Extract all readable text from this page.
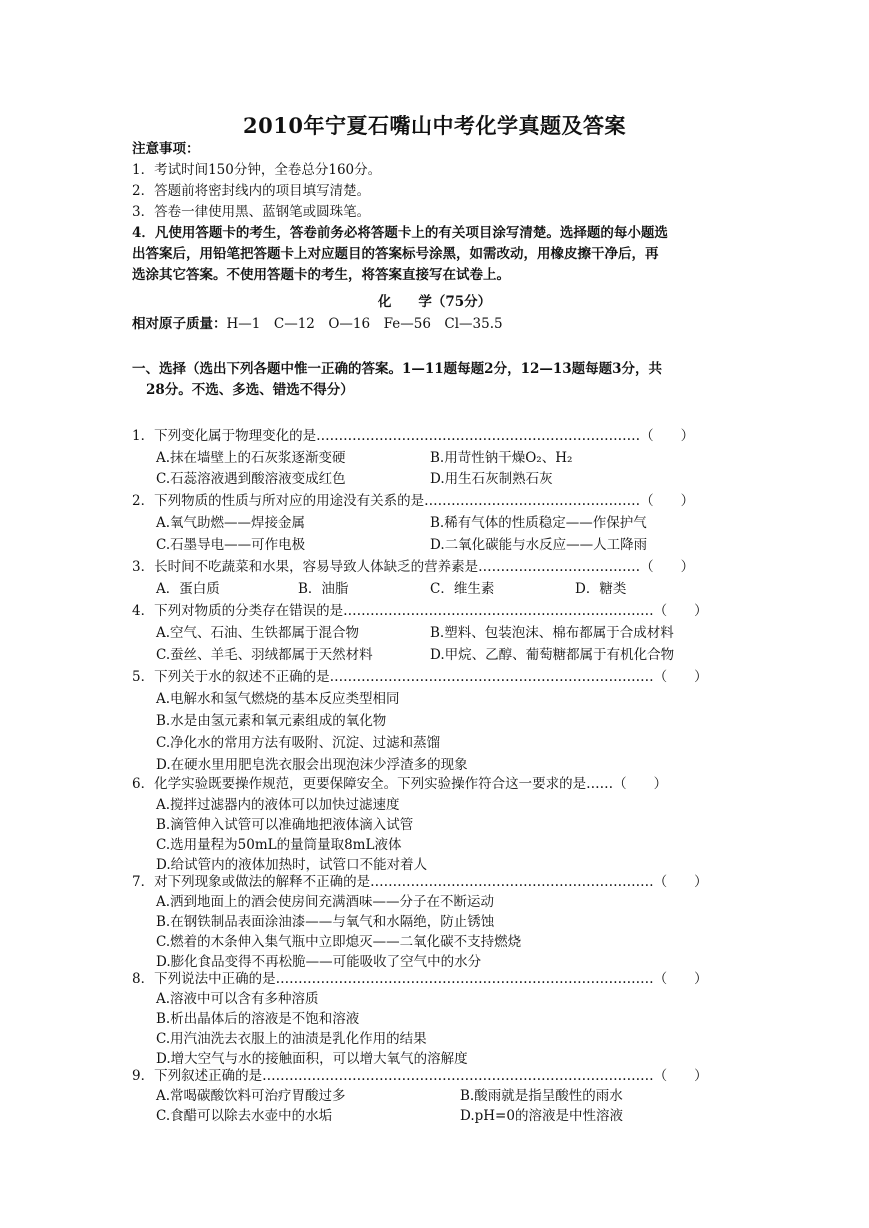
2010年宁夏石嘴山中考化学真题及答案
注意事项：
1．考试时间150分钟，全卷总分160分。
2．答题前将密封线内的项目填写清楚。
3．答卷一律使用黑、蓝钢笔或圆珠笔。
4．凡使用答题卡的考生，答卷前务必将答题卡上的有关项目涂写清楚。选择题的每小题选
出答案后，用铅笔把答题卡上对应题目的答案标号涂黑，如需改动，用橡皮擦干净后，再
选涂其它答案。不使用答题卡的考生，将答案直接写在试卷上。
化　　学（75分）
相对原子质量：H—1　C—12　O—16　Fe—56　Cl—35.5
一、选择（选出下列各题中惟一正确的答案。1—11题每题2分，12—13题每题3分，共
28分。不选、多选、错选不得分）
1．下列变化属于物理变化的是………………………………………………………………（　　）
A.抹在墙壁上的石灰浆逐渐变硬	B.用苛性钠干燥O₂、H₂
C.石蕊溶液遇到酸溶液变成红色	D.用生石灰制熟石灰
2．下列物质的性质与所对应的用途没有关系的是…………………………………………（　　）
A.氧气助燃——焊接金属	B.稀有气体的性质稳定——作保护气
C.石墨导电——可作电极	D.二氧化碳能与水反应——人工降雨
3．长时间不吃蔬菜和水果，容易导致人体缺乏的营养素是………………………………（　　）
A．蛋白质	B．油脂	C．维生素	D．糖类
4．下列对物质的分类存在错误的是……………………………………………………………（　　）
A.空气、石油、生铁都属于混合物	B.塑料、包装泡沫、棉布都属于合成材料
C.蚕丝、羊毛、羽绒都属于天然材料	D.甲烷、乙醇、葡萄糖都属于有机化合物
5．下列关于水的叙述不正确的是………………………………………………………………（　　）
A.电解水和氢气燃烧的基本反应类型相同
B.水是由氢元素和氧元素组成的氧化物
C.净化水的常用方法有吸附、沉淀、过滤和蒸馏
D.在硬水里用肥皂洗衣服会出现泡沫少浮渣多的现象
6．化学实验既要操作规范，更要保障安全。下列实验操作符合这一要求的是……（　　）
A.搅拌过滤器内的液体可以加快过滤速度
B.滴管伸入试管可以准确地把液体滴入试管
C.选用量程为50mL的量筒量取8mL液体
D.给试管内的液体加热时，试管口不能对着人
7．对下列现象或做法的解释不正确的是………………………………………………………（　　）
A.洒到地面上的酒会使房间充满酒味——分子在不断运动
B.在钢铁制品表面涂油漆——与氧气和水隔绝，防止锈蚀
C.燃着的木条伸入集气瓶中立即熄灭——二氧化碳不支持燃烧
D.膨化食品变得不再松脆——可能吸收了空气中的水分
8．下列说法中正确的是…………………………………………………………………………（　　）
A.溶液中可以含有多种溶质
B.析出晶体后的溶液是不饱和溶液
C.用汽油洗去衣服上的油渍是乳化作用的结果
D.增大空气与水的接触面积，可以增大氧气的溶解度
9．下列叙述正确的是……………………………………………………………………………（　　）
A.常喝碳酸饮料可治疗胃酸过多	B.酸雨就是指呈酸性的雨水
C.食醋可以除去水壶中的水垢	D.pH=0的溶液是中性溶液
